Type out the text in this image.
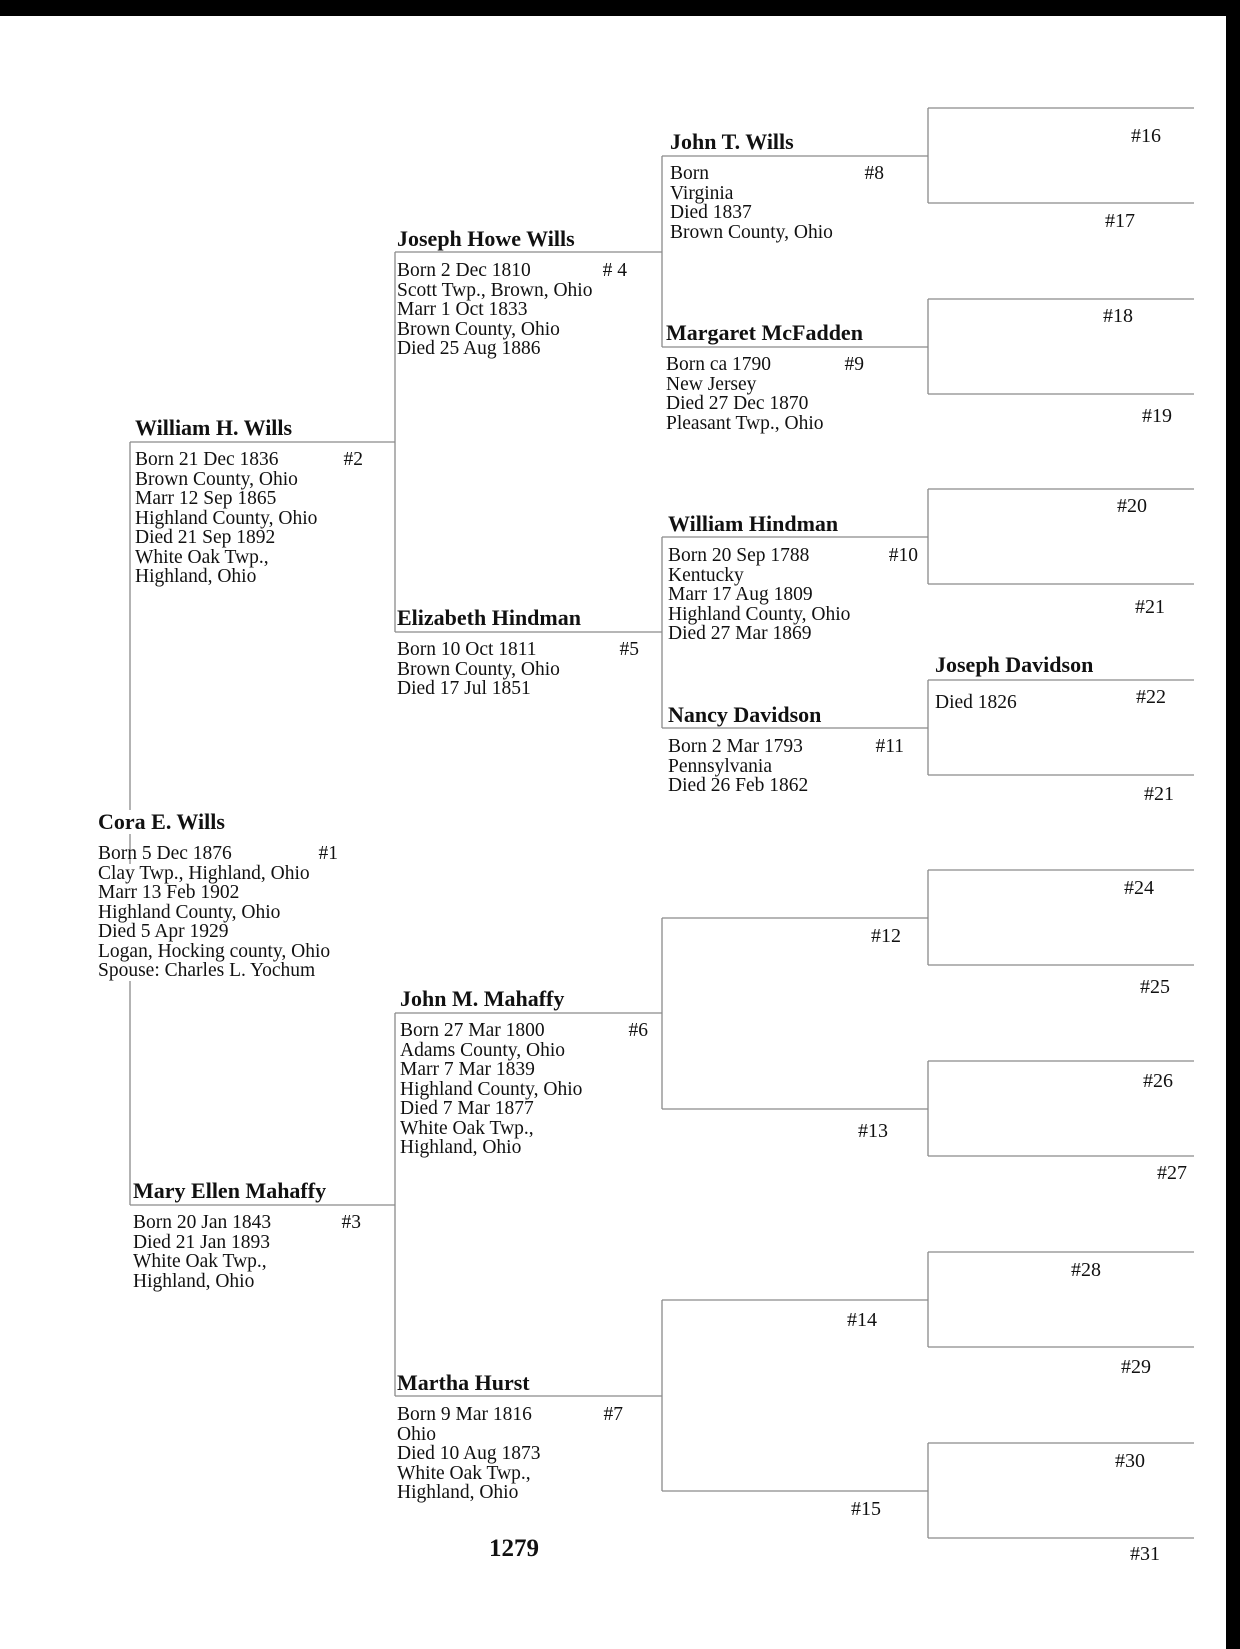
Cora E. Wills
Born 5 Dec 1876	#1
Clay Twp., Highland, Ohio
Marr 13 Feb 1902
Highland County, Ohio
Died 5 Apr 1929
Logan, Hocking county, Ohio
Spouse: Charles L. Yochum
William H. Wills
Born 21 Dec 1836	#2
Brown County, Ohio
Marr 12 Sep 1865
Highland County, Ohio
Died 21 Sep 1892
White Oak Twp.,
Highland, Ohio
Mary Ellen Mahaffy
Born 20 Jan 1843	#3
Died 21 Jan 1893
White Oak Twp.,
Highland, Ohio
Joseph Howe Wills
Born 2 Dec 1810	# 4
Scott Twp., Brown, Ohio
Marr 1 Oct 1833
Brown County, Ohio
Died 25 Aug 1886
Elizabeth Hindman
Born 10 Oct 1811	#5
Brown County, Ohio
Died 17 Jul 1851
John M. Mahaffy
Born 27 Mar 1800	#6
Adams County, Ohio
Marr 7 Mar 1839
Highland County, Ohio
Died 7 Mar 1877
White Oak Twp.,
Highland, Ohio
Martha Hurst
Born 9 Mar 1816	#7
Ohio
Died 10 Aug 1873
White Oak Twp.,
Highland, Ohio
John T. Wills
Born	#8
Virginia
Died 1837
Brown County, Ohio
Margaret McFadden
Born ca 1790	#9
New Jersey
Died 27 Dec 1870
Pleasant Twp., Ohio
William Hindman
Born 20 Sep 1788	#10
Kentucky
Marr 17 Aug 1809
Highland County, Ohio
Died 27 Mar 1869
Nancy Davidson
Born 2 Mar 1793	#11
Pennsylvania
Died 26 Feb 1862
Joseph Davidson
Died 1826
#12
#13
#14
#15
#16
#17
#18
#19
#20
#21
#22
#21
#24
#25
#26
#27
#28
#29
#30
#31
1279
